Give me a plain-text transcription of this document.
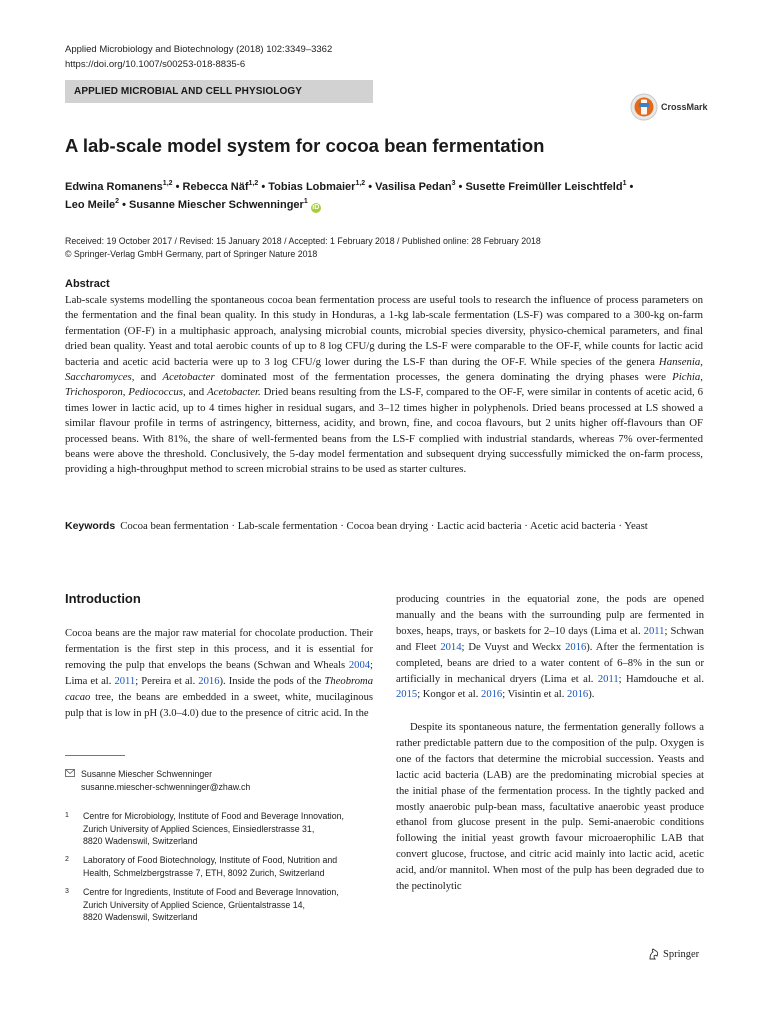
Applied Microbiology and Biotechnology (2018) 102:3349–3362
https://doi.org/10.1007/s00253-018-8835-6
APPLIED MICROBIAL AND CELL PHYSIOLOGY
CrossMark
A lab-scale model system for cocoa bean fermentation
Edwina Romanens$^{1,2}$ • Rebecca Näf$^{1,2}$ • Tobias Lobmaier$^{1,2}$ • Vasilisa Pedan$^3$ • Susette Freimüller Leischtfeld$^1$ •
Leo Meile$^2$ • Susanne Miescher Schwenninger$^1$iD
Received: 19 October 2017 / Revised: 15 January 2018 / Accepted: 1 February 2018 / Published online: 28 February 2018
© Springer-Verlag GmbH Germany, part of Springer Nature 2018
Abstract

Lab-scale systems modelling the spontaneous cocoa bean fermentation process are useful tools to research the influence of process parameters on the fermentation and the final bean quality. In this study in Honduras, a 1-kg lab-scale fermentation (LS-F) was compared to a 300-kg on-farm fermentation (OF-F) in a multiphasic approach, analysing microbial counts, microbial species diversity, physico-chemical parameters, and final dried bean quality. Yeast and total aerobic counts of up to 8 log CFU/g during the LS-F were comparable to the OF-F, while counts for lactic acid bacteria and acetic acid bacteria were up to 3 log CFU/g lower during the LS-F than during the OF-F. While species of the genera Hansenia, Saccharomyces, and Acetobacter dominated most of the fermentation processes, the genera dominating the drying phases were Pichia, Trichosporon, Pediococcus, and Acetobacter. Dried beans resulting from the LS-F, compared to the OF-F, were similar in contents of acetic acid, 6 times lower in lactic acid, up to 4 times higher in residual sugars, and 3–12 times higher in polyphenols. Dried beans processed at LS showed a similar flavour profile in terms of astringency, bitterness, acidity, and brown, fine, and cocoa flavours, but 2 units higher off-flavours than OF processed beans. With 81%, the share of well-fermented beans from the LS-F complied with industrial standards, whereas 7% over-fermented beans were above the threshold. Conclusively, the 5-day model fermentation and subsequent drying successfully mimicked the on-farm process, providing a high-throughput method to screen microbial strains to be used as starter cultures.

Keywords Cocoa bean fermentation · Lab-scale fermentation · Cocoa bean drying · Lactic acid bacteria · Acetic acid bacteria · Yeast

Introduction

Cocoa beans are the major raw material for chocolate production. Their fermentation is the first step in this process, and it is essential for removing the pulp that envelops the beans (Schwan and Wheals 2004; Lima et al. 2011; Pereira et al. 2016). Inside the pods of the Theobroma cacao tree, the beans are embedded in a sweet, white, mucilaginous pulp that is low in pH (3.0–4.0) due to the presence of citric acid. In the

producing countries in the equatorial zone, the pods are opened manually and the beans with the surrounding pulp are fermented in boxes, heaps, trays, or baskets for 2–10 days (Lima et al. 2011; Schwan and Fleet 2014; De Vuyst and Weckx 2016). After the fermentation is completed, beans are dried to a water content of 6–8% in the sun or artificially in mechanical dryers (Lima et al. 2011; Hamdouche et al. 2015; Kongor et al. 2016; Visintin et al. 2016).

Despite its spontaneous nature, the fermentation generally follows a rather predictable pattern due to the composition of the pulp. Oxygen is one of the factors that determine the microbial succession. Yeasts and lactic acid bacteria (LAB) are the predominating microbial species at the initial phase of the fermentation process. In the tightly packed and mostly anaerobic pulp-bean mass, facultative anaerobic yeast produce ethanol from glucose present in the pulp. Semi-anaerobic conditions following the initial yeast growth favour microaerophilic LAB that convert glucose, fructose, and citric acid mainly into lactic acid, acetic acid, and/or mannitol. When most of the pulp has been degraded due to the pectinolytic

Susanne Miescher Schwenninger
susanne.miescher-schwenninger@zhaw.ch
1 Centre for Microbiology, Institute of Food and Beverage Innovation,
Zurich University of Applied Sciences, Einsiedlerstrasse 31,
8820 Wadenswil, Switzerland
2 Laboratory of Food Biotechnology, Institute of Food, Nutrition and
Health, Schmelzbergstrasse 7, ETH, 8092 Zurich, Switzerland
3 Centre for Ingredients, Institute of Food and Beverage Innovation,
Zurich University of Applied Science, Grüentalstrasse 14,
8820 Wadenswil, Switzerland
Springer
